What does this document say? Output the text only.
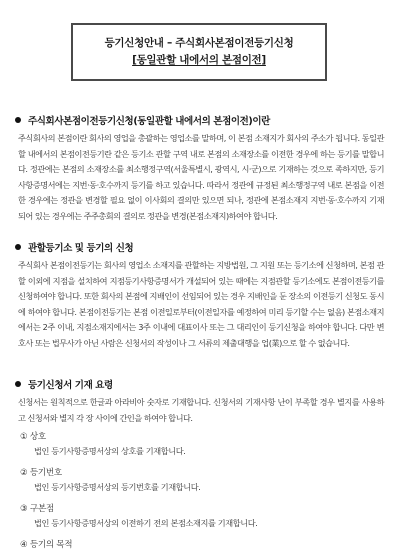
등기신청안내 – 주식회사본점이전등기신청
[동일관할 내에서의 본점이전]
주식회사본점이전등기신청(동일관할 내에서의 본점이전)이란

주식회사의 본점이란 회사의 영업을 총괄하는 영업소를 말하며, 이 본점 소재지가 회사의 주소가 됩니다. 동일관할 내에서의 본점이전등기란 같은 등기소 관할 구역 내로 본점의 소재장소를 이전한 경우에 하는 등기를 말합니다. 정관에는 본점의 소재장소를 최소행정구역(서울특별시, 광역시, 시·군)으로 기재하는 것으로 족하지만, 등기사항증명서에는 지번·동·호수까지 등기를 하고 있습니다. 따라서 정관에 규정된 최소행정구역 내로 본점을 이전한 경우에는 정관을 변경할 필요 없이 이사회의 결의만 있으면 되나, 정관에 본점소재지 지번·동·호수까지 기재되어 있는 경우에는 주주총회의 결의로 정관을 변경(본점소재지)하여야 합니다.

관할등기소 및 등기의 신청

주식회사 본점이전등기는 회사의 영업소 소재지를 관할하는 지방법원, 그 지원 또는 등기소에 신청하며, 본점 관할 이외에 지점을 설치하여 지점등기사항증명서가 개설되어 있는 때에는 지점관할 등기소에도 본점이전등기를 신청하여야 합니다. 또한 회사의 본점에 지배인이 선임되어 있는 경우 지배인을 둔 장소의 이전등기 신청도 동시에 하여야 합니다. 본점이전등기는 본점 이전일로부터(이전일자를 예정하여 미리 등기할 수는 없음) 본점소재지에서는 2주 이내, 지점소재지에서는 3주 이내에 대표이사 또는 그 대리인이 등기신청을 하여야 합니다. 다만 변호사 또는 법무사가 아닌 사람은 신청서의 작성이나 그 서류의 제출대행을 업(業)으로 할 수 없습니다.

등기신청서 기재 요령

신청서는 원칙적으로 한글과 아라비아 숫자로 기재합니다. 신청서의 기재사항 난이 부족할 경우 별지를 사용하고 신청서와 별지 각 장 사이에 간인을 하여야 합니다.

① 상호
법인 등기사항증명서상의 상호를 기재합니다.
② 등기번호
법인 등기사항증명서상의 등기번호를 기재합니다.
③ 구본점
법인 등기사항증명서상의 이전하기 전의 본점소재지를 기재합니다.
④ 등기의 목적
